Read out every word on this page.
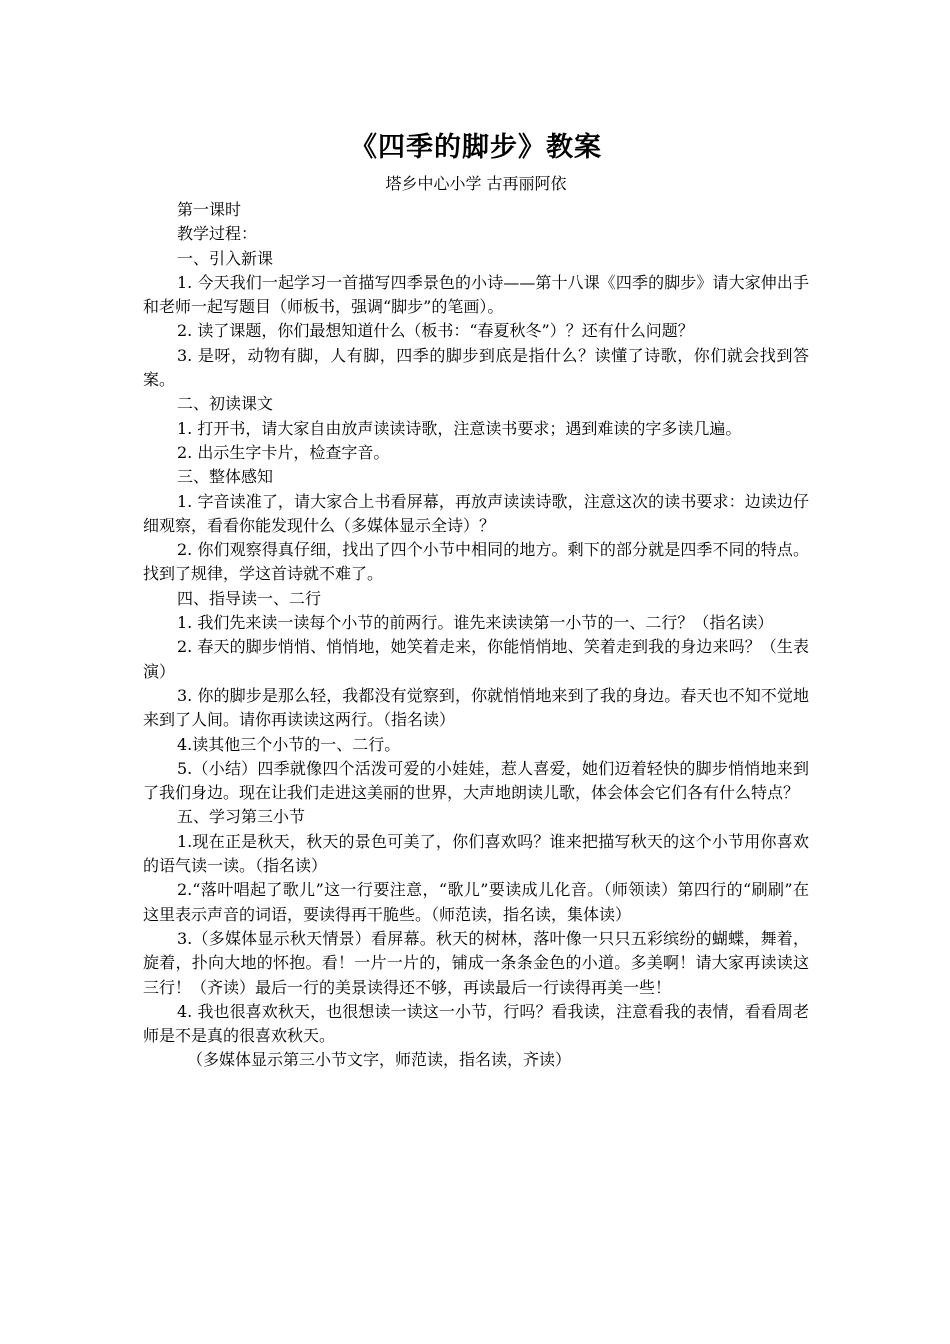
《四季的脚步》教案
塔乡中心小学 古再丽阿依

第一课时

教学过程：

一、引入新课

1. 今天我们一起学习一首描写四季景色的小诗——第十八课《四季的脚步》请大家伸出手和老师一起写题目（师板书，强调“脚步”的笔画）。

2. 读了课题，你们最想知道什么（板书：“春夏秋冬”）？还有什么问题？

3. 是呀，动物有脚，人有脚，四季的脚步到底是指什么？读懂了诗歌，你们就会找到答案。

二、初读课文

1. 打开书，请大家自由放声读读诗歌，注意读书要求；遇到难读的字多读几遍。

2. 出示生字卡片，检查字音。

三、整体感知

1. 字音读准了，请大家合上书看屏幕，再放声读读诗歌，注意这次的读书要求：边读边仔细观察，看看你能发现什么（多媒体显示全诗）？

2. 你们观察得真仔细，找出了四个小节中相同的地方。剩下的部分就是四季不同的特点。找到了规律，学这首诗就不难了。

四、指导读一、二行

1. 我们先来读一读每个小节的前两行。谁先来读读第一小节的一、二行？（指名读）

2. 春天的脚步悄悄、悄悄地，她笑着走来，你能悄悄地、笑着走到我的身边来吗？（生表演）

3. 你的脚步是那么轻，我都没有觉察到，你就悄悄地来到了我的身边。春天也不知不觉地来到了人间。请你再读读这两行。（指名读）

4.读其他三个小节的一、二行。

5.（小结）四季就像四个活泼可爱的小娃娃，惹人喜爱，她们迈着轻快的脚步悄悄地来到了我们身边。现在让我们走进这美丽的世界，大声地朗读儿歌，体会体会它们各有什么特点？

五、学习第三小节

1.现在正是秋天，秋天的景色可美了，你们喜欢吗？谁来把描写秋天的这个小节用你喜欢的语气读一读。（指名读）

2.“落叶唱起了歌儿”这一行要注意，“歌儿”要读成儿化音。（师领读）第四行的“刷刷”在这里表示声音的词语，要读得再干脆些。（师范读，指名读，集体读）

3.（多媒体显示秋天情景）看屏幕。秋天的树林，落叶像一只只五彩缤纷的蝴蝶，舞着，旋着，扑向大地的怀抱。看！一片一片的，铺成一条条金色的小道。多美啊！请大家再读读这三行！（齐读）最后一行的美景读得还不够，再读最后一行读得再美一些！

4. 我也很喜欢秋天，也很想读一读这一小节，行吗？看我读，注意看我的表情，看看周老师是不是真的很喜欢秋天。

（多媒体显示第三小节文字，师范读，指名读，齐读）
